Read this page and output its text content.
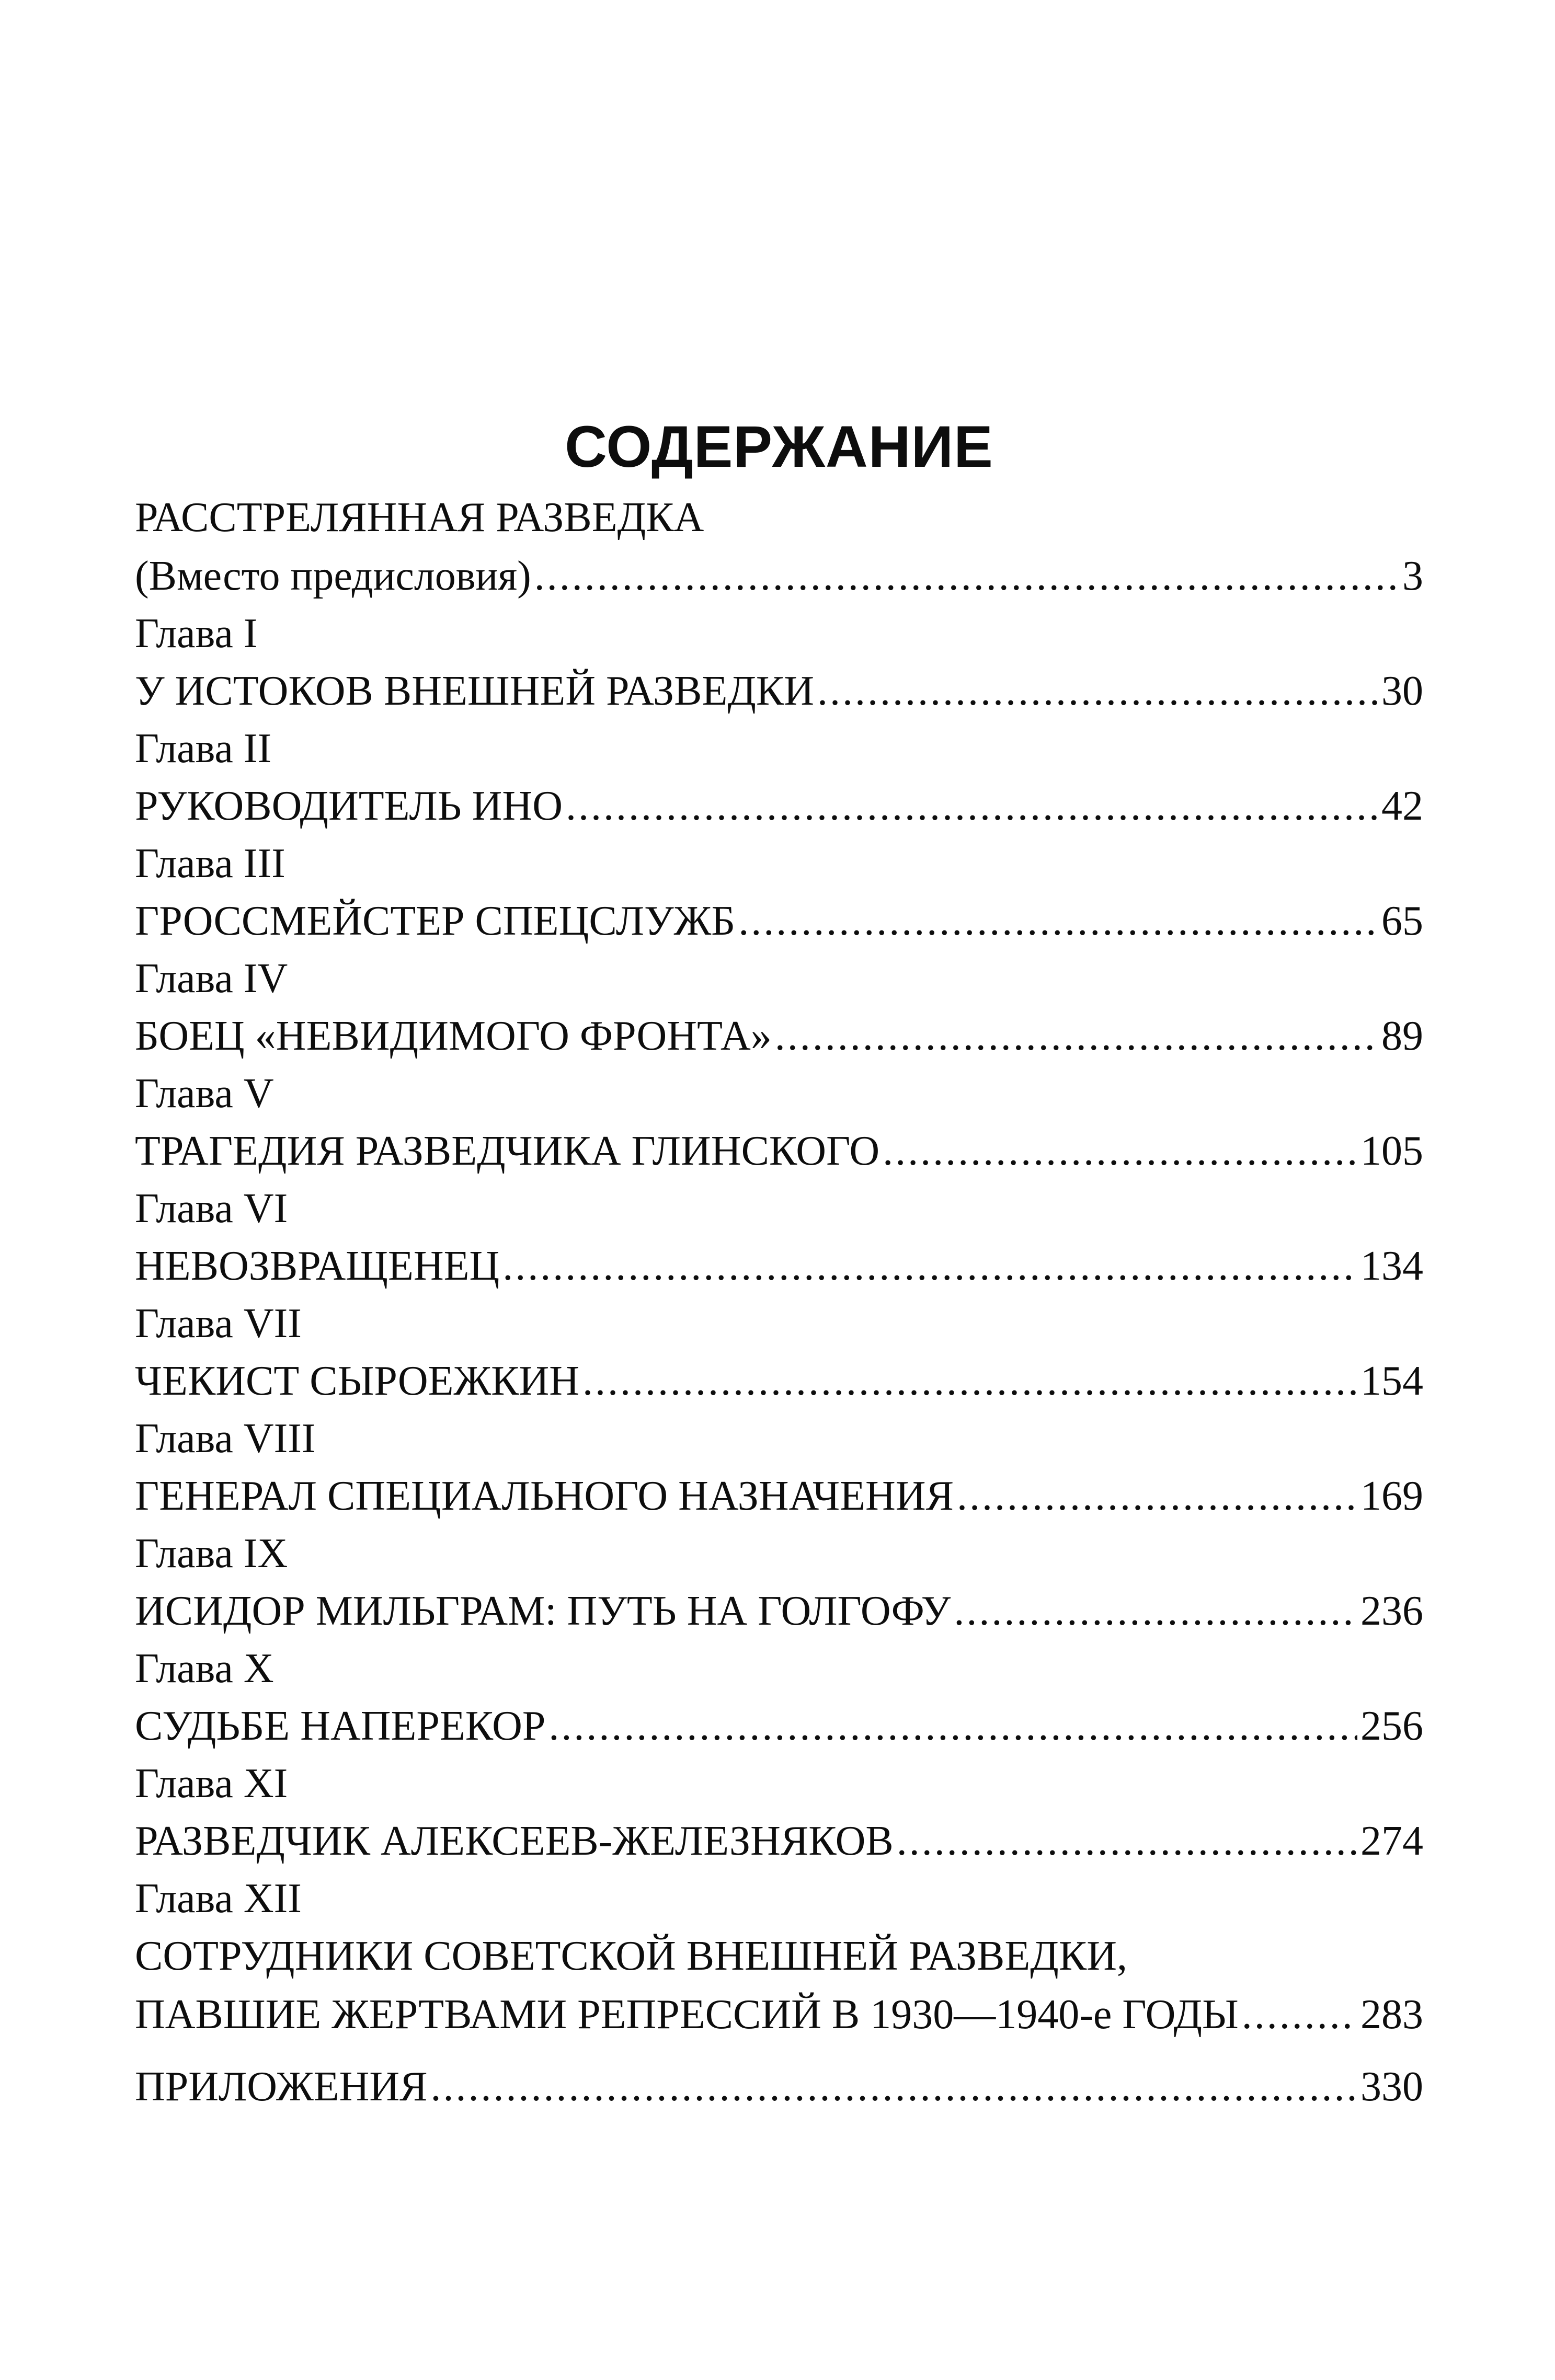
СОДЕРЖАНИЕ
РАССТРЕЛЯННАЯ РАЗВЕДКА
(Вместо предисловия) .....	3
Глава I
У ИСТОКОВ ВНЕШНЕЙ РАЗВЕДКИ .....	30
Глава II
РУКОВОДИТЕЛЬ ИНО .....	42
Глава III
ГРОССМЕЙСТЕР СПЕЦСЛУЖБ .....	65
Глава IV
БОЕЦ «НЕВИДИМОГО ФРОНТА» .....	89
Глава V
ТРАГЕДИЯ РАЗВЕДЧИКА ГЛИНСКОГО .....	105
Глава VI
НЕВОЗВРАЩЕНЕЦ .....	134
Глава VII
ЧЕКИСТ СЫРОЕЖКИН .....	154
Глава VIII
ГЕНЕРАЛ СПЕЦИАЛЬНОГО НАЗНАЧЕНИЯ .....	169
Глава IX
ИСИДОР МИЛЬГРАМ: ПУТЬ НА ГОЛГОФУ .....	236
Глава X
СУДЬБЕ НАПЕРЕКОР .....	256
Глава XI
РАЗВЕДЧИК АЛЕКСЕЕВ-ЖЕЛЕЗНЯКОВ .....	274
Глава XII
СОТРУДНИКИ СОВЕТСКОЙ ВНЕШНЕЙ РАЗВЕДКИ,
ПАВШИЕ ЖЕРТВАМИ РЕПРЕССИЙ В 1930—1940-е ГОДЫ .....	283
ПРИЛОЖЕНИЯ .....	330
